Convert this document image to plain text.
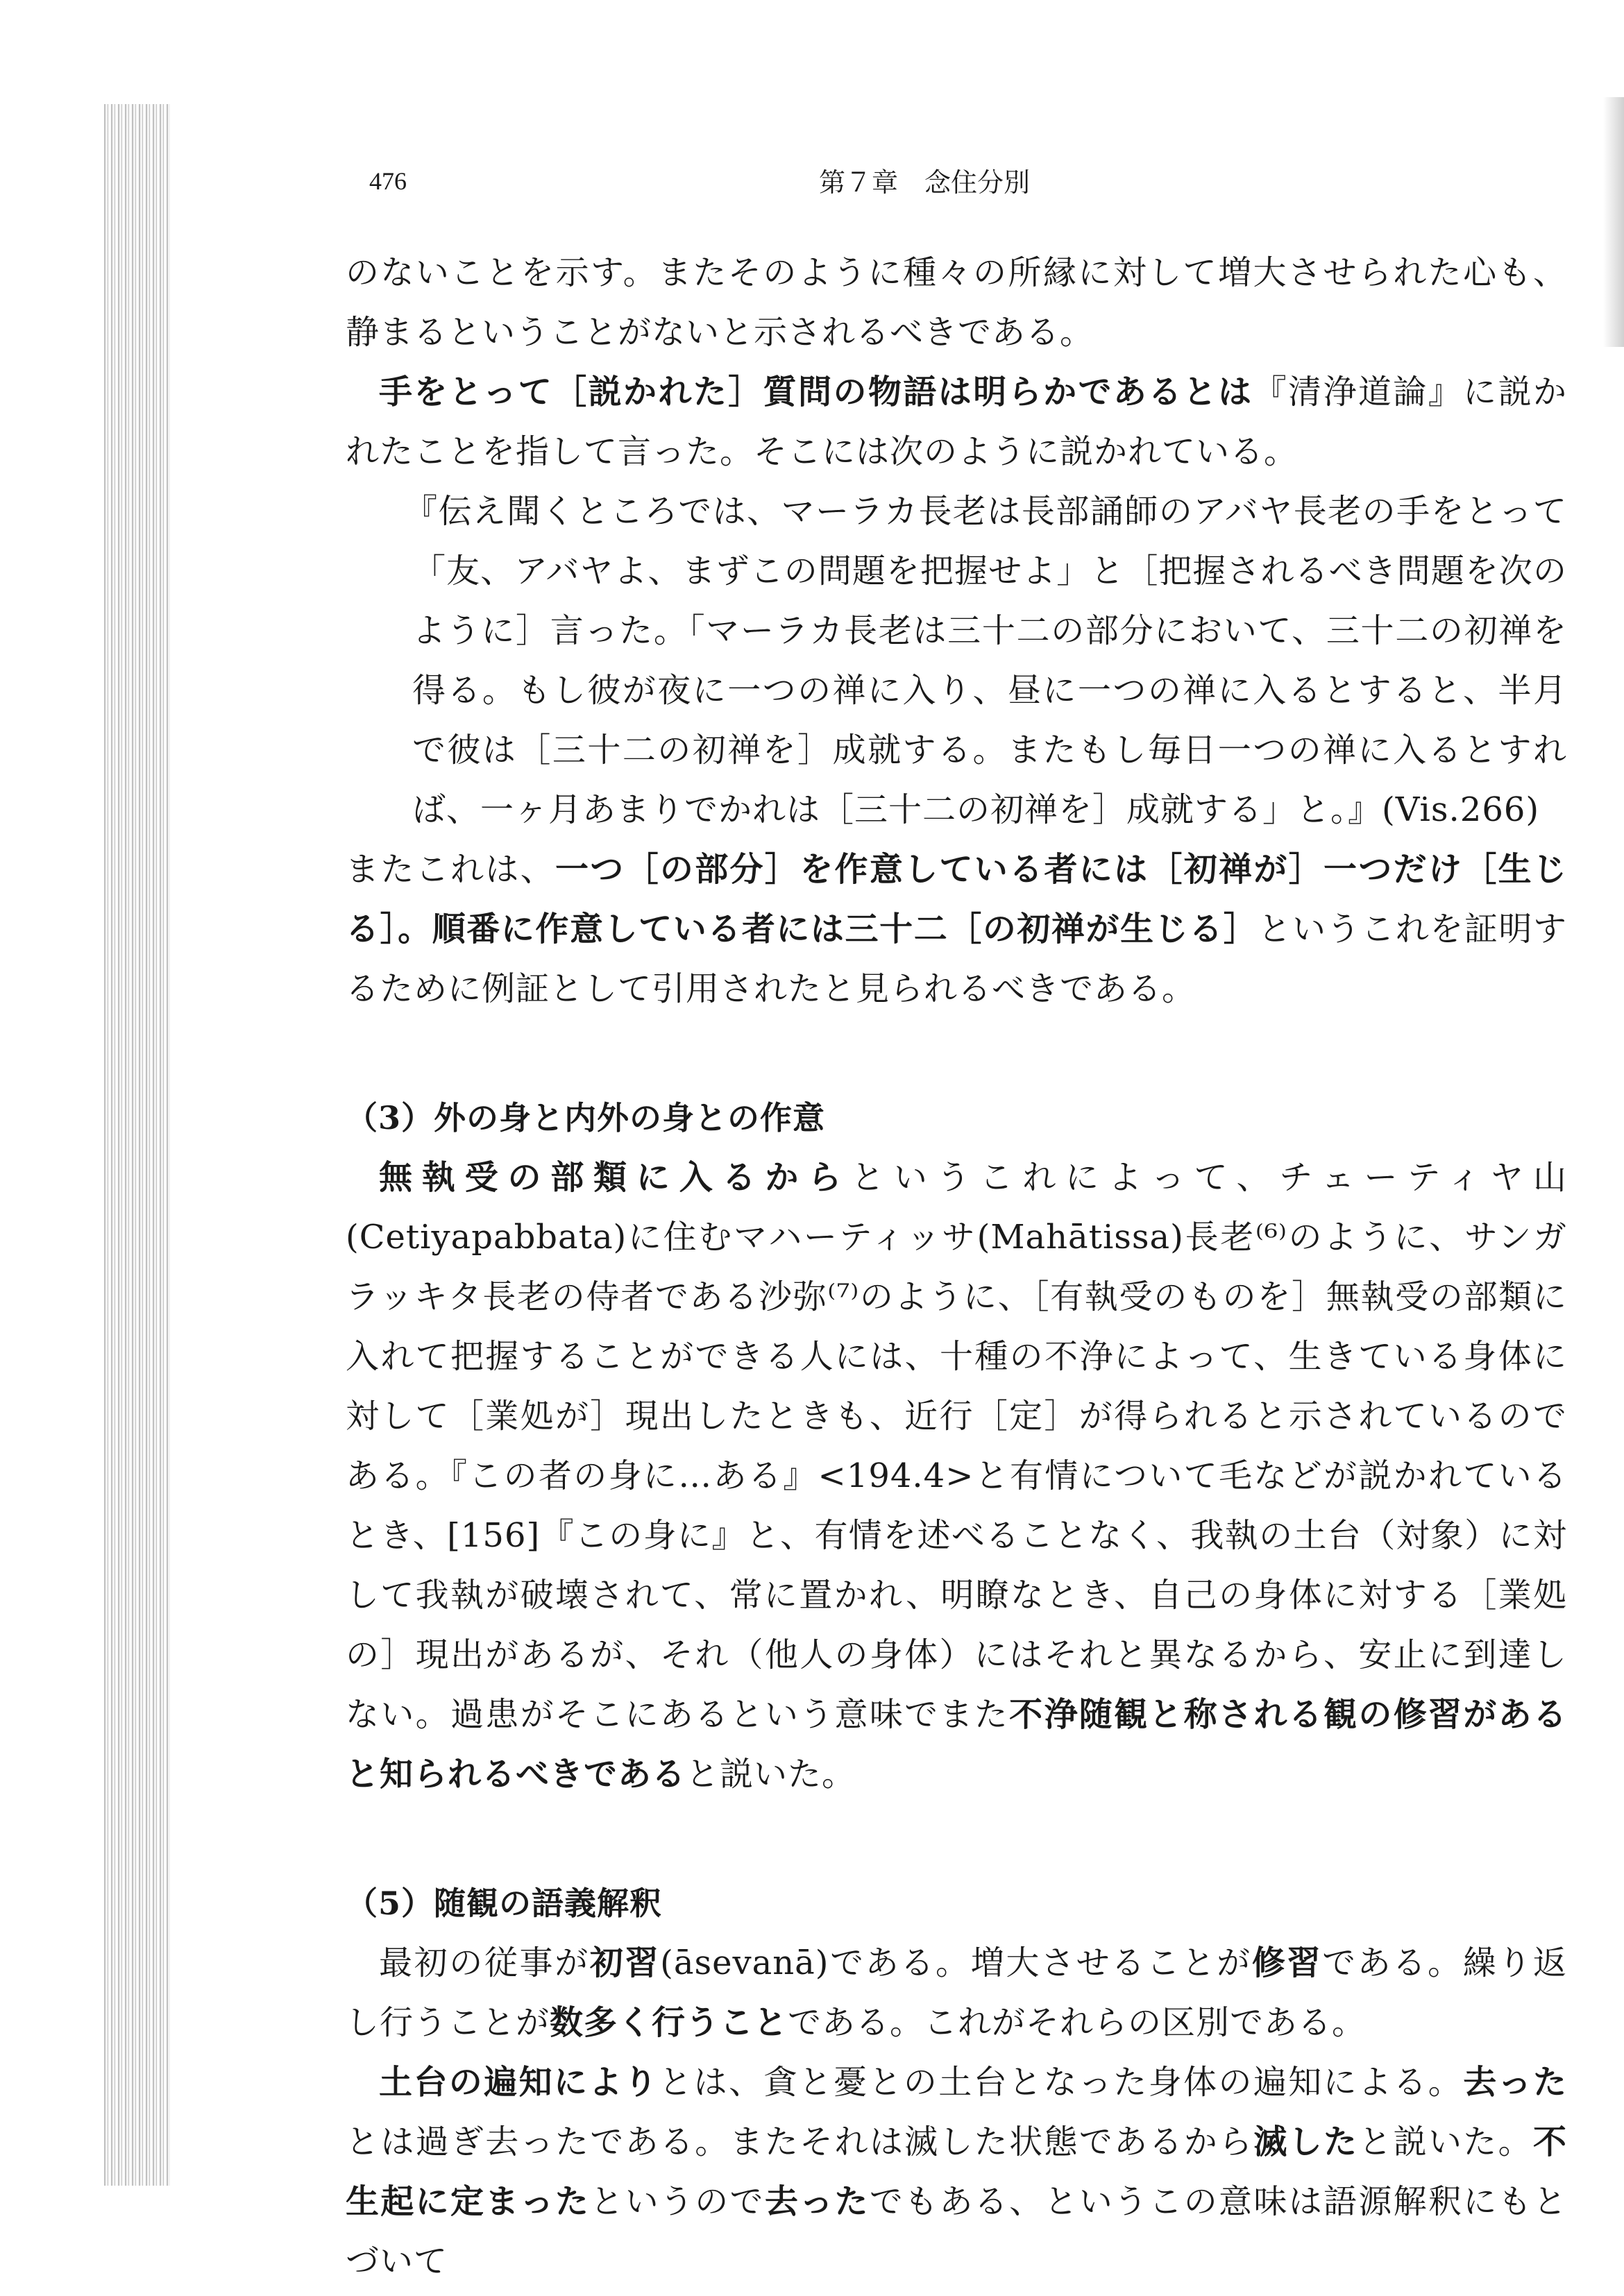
476	第７章　念住分別

のないことを示す。またそのように種々の所縁に対して増大させられた心も、静まるということがないと示されるべきである。

手をとって［説かれた］質問の物語は明らかであるとは『清浄道論』に説かれたことを指して言った。そこには次のように説かれている。

『伝え聞くところでは、マーラカ長老は長部誦師のアバヤ長老の手をとって「友、アバヤよ、まずこの問題を把握せよ」と［把握されるべき問題を次のように］言った。「マーラカ長老は三十二の部分において、三十二の初禅を得る。もし彼が夜に一つの禅に入り、昼に一つの禅に入るとすると、半月で彼は［三十二の初禅を］成就する。またもし毎日一つの禅に入るとすれば、一ヶ月あまりでかれは［三十二の初禅を］成就する」と。』(Vis.266)

またこれは、一つ［の部分］を作意している者には［初禅が］一つだけ［生じる］。順番に作意している者には三十二［の初禅が生じる］というこれを証明するために例証として引用されたと見られるべきである。

（3）外の身と内外の身との作意

無執受の部類に入るからというこれによって、チェーティヤ山(Cetiyapabbata)に住むマハーティッサ(Mahātissa)長老⁽⁶⁾のように、サンガラッキタ長老の侍者である沙弥⁽⁷⁾のように、［有執受のものを］無執受の部類に入れて把握することができる人には、十種の不浄によって、生きている身体に対して［業処が］現出したときも、近行［定］が得られると示されているのである。『この者の身に…ある』<194.4>と有情について毛などが説かれているとき、[156]『この身に』と、有情を述べることなく、我執の土台（対象）に対して我執が破壊されて、常に置かれ、明瞭なとき、自己の身体に対する［業処の］現出があるが、それ（他人の身体）にはそれと異なるから、安止に到達しない。過患がそこにあるという意味でまた不浄随観と称される観の修習があると知られるべきであると説いた。

（5）随観の語義解釈

最初の従事が初習(āsevanā)である。増大させることが修習である。繰り返し行うことが数多く行うことである。これがそれらの区別である。

土台の遍知によりとは、貪と憂との土台となった身体の遍知による。去ったとは過ぎ去ったである。またそれは滅した状態であるから滅したと説いた。不生起に定まったというので去ったでもある、というこの意味は語源解釈にもとづいて
